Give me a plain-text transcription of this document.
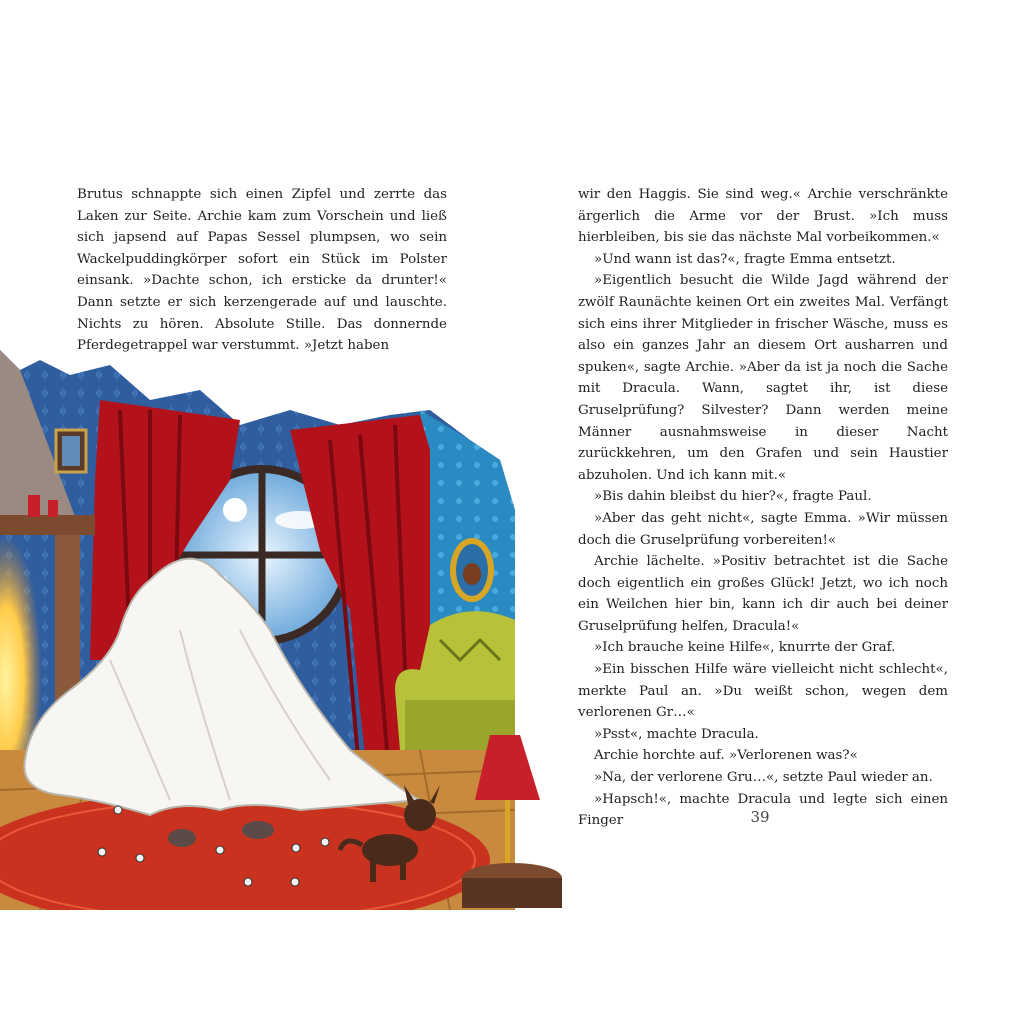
Brutus schnappte sich einen Zipfel und zerrte das Laken zur Seite. Archie kam zum Vorschein und ließ sich japsend auf Papas Sessel plumpsen, wo sein Wackelpuddingkörper sofort ein Stück im Polster einsank. »Dachte schon, ich ersticke da drunter!« Dann setzte er sich kerzengerade auf und lauschte. Nichts zu hören. Absolute Stille. Das donnernde Pferdegetrappel war verstummt. »Jetzt haben

wir den Haggis. Sie sind weg.« Archie verschränkte ärgerlich die Arme vor der Brust. »Ich muss hierbleiben, bis sie das nächste Mal vorbeikommen.«

»Und wann ist das?«, fragte Emma entsetzt.

»Eigentlich besucht die Wilde Jagd während der zwölf Raunächte keinen Ort ein zweites Mal. Verfängt sich eins ihrer Mitglieder in frischer Wäsche, muss es also ein ganzes Jahr an diesem Ort ausharren und spuken«, sagte Archie. »Aber da ist ja noch die Sache mit Dracula. Wann, sagtet ihr, ist diese Gruselprüfung? Silvester? Dann werden meine Männer ausnahmsweise in dieser Nacht zurückkehren, um den Grafen und sein Haustier abzuholen. Und ich kann mit.«

»Bis dahin bleibst du hier?«, fragte Paul.

»Aber das geht nicht«, sagte Emma. »Wir müssen doch die Gruselprüfung vorbereiten!«

Archie lächelte. »Positiv betrachtet ist die Sache doch eigentlich ein großes Glück! Jetzt, wo ich noch ein Weilchen hier bin, kann ich dir auch bei deiner Gruselprüfung helfen, Dracula!«

»Ich brauche keine Hilfe«, knurrte der Graf.

»Ein bisschen Hilfe wäre vielleicht nicht schlecht«, merkte Paul an. »Du weißt schon, wegen dem verlorenen Gr…«

»Psst«, machte Dracula.

Archie horchte auf. »Verlorenen was?«

»Na, der verlorene Gru…«, setzte Paul wieder an.

»Hapsch!«, machte Dracula und legte sich einen Finger	39
